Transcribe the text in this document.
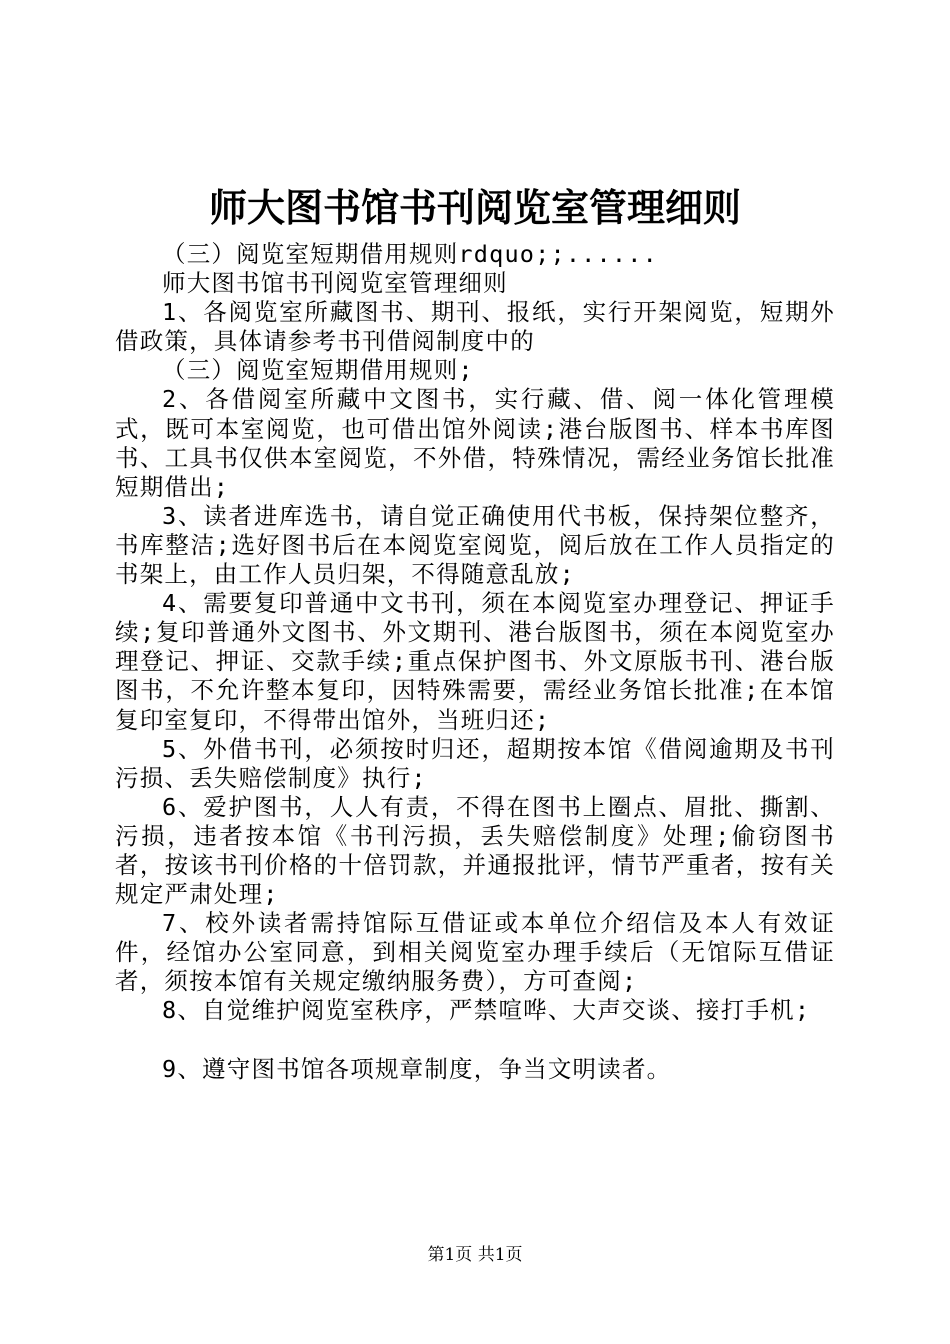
师大图书馆书刊阅览室管理细则

（三）阅览室短期借用规则rdquo;;......

师大图书馆书刊阅览室管理细则

1、各阅览室所藏图书、期刊、报纸，实行开架阅览，短期外借政策，具体请参考书刊借阅制度中的

（三）阅览室短期借用规则;

2、各借阅室所藏中文图书，实行藏、借、阅一体化管理模式，既可本室阅览，也可借出馆外阅读;港台版图书、样本书库图书、工具书仅供本室阅览，不外借，特殊情况，需经业务馆长批准短期借出;

3、读者进库选书，请自觉正确使用代书板，保持架位整齐，书库整洁;选好图书后在本阅览室阅览，阅后放在工作人员指定的书架上，由工作人员归架，不得随意乱放;

4、需要复印普通中文书刊，须在本阅览室办理登记、押证手续;复印普通外文图书、外文期刊、港台版图书，须在本阅览室办理登记、押证、交款手续;重点保护图书、外文原版书刊、港台版图书，不允许整本复印，因特殊需要，需经业务馆长批准;在本馆复印室复印，不得带出馆外，当班归还;

5、外借书刊，必须按时归还，超期按本馆《借阅逾期及书刊污损、丢失赔偿制度》执行;

6、爱护图书，人人有责，不得在图书上圈点、眉批、撕割、污损，违者按本馆《书刊污损，丢失赔偿制度》处理;偷窃图书者，按该书刊价格的十倍罚款，并通报批评，情节严重者，按有关规定严肃处理;

7、校外读者需持馆际互借证或本单位介绍信及本人有效证件，经馆办公室同意，到相关阅览室办理手续后（无馆际互借证者，须按本馆有关规定缴纳服务费），方可查阅;

8、自觉维护阅览室秩序，严禁喧哗、大声交谈、接打手机;

9、遵守图书馆各项规章制度，争当文明读者。

第1页 共1页
